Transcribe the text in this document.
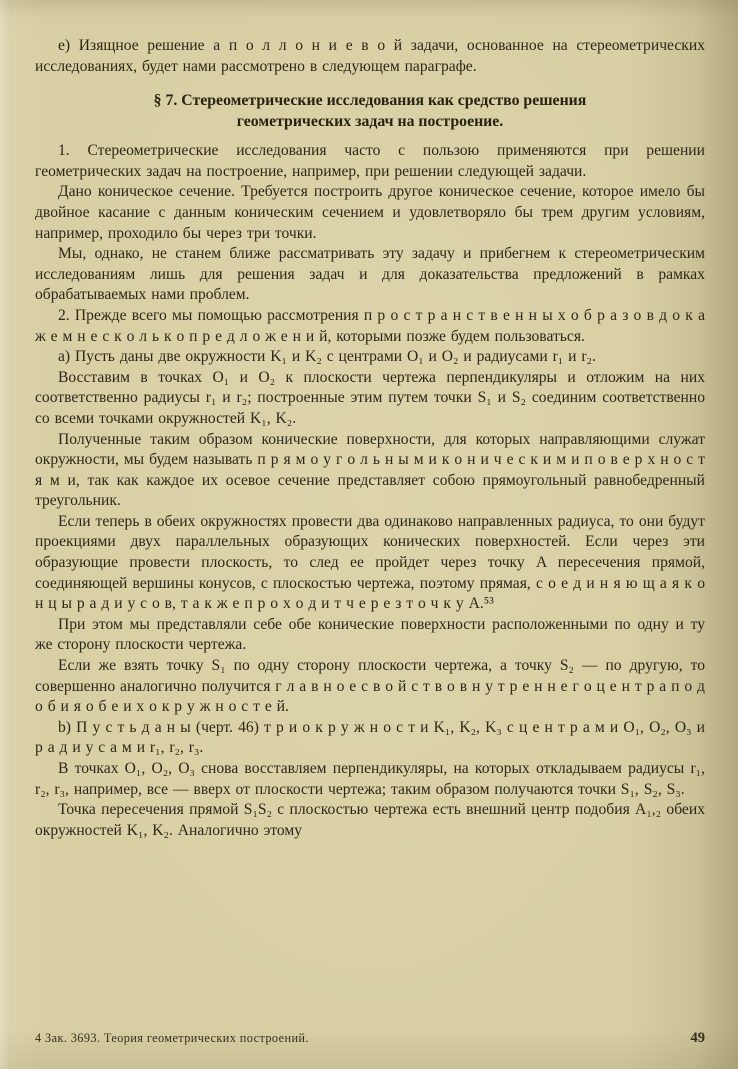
е) Изящное решение а п о л л о н и е в о й задачи, основанное на стереометрических исследованиях, будет нами рассмотрено в следующем параграфе.

§ 7. Стереометрические исследования как средство решения
геометрических задач на построение.

1. Стереометрические исследования часто с пользою применяются при решении геометрических задач на построение, например, при решении следующей задачи.

Дано коническое сечение. Требуется построить другое коническое сечение, которое имело бы двойное касание с данным коническим сечением и удовлетворяло бы трем другим условиям, например, проходило бы через три точки.

Мы, однако, не станем ближе рассматривать эту задачу и прибегнем к стереометрическим исследованиям лишь для решения задач и для доказательства предложений в рамках обрабатываемых нами проблем.

2. Прежде всего мы помощью рассмотрения п р о с т р а н с т в е н н ы х о б р а з о в д о к а ж е м н е с к о л ь к о п р е д л о ж е н и й, которыми позже будем пользоваться.

а) Пусть даны две окружности K₁ и K₂ с центрами O₁ и O₂ и радиусами r₁ и r₂.

Восставим в точках O₁ и O₂ к плоскости чертежа перпендикуляры и отложим на них соответственно радиусы r₁ и r₂; построенные этим путем точки S₁ и S₂ соединим соответственно со всеми точками окружностей K₁, K₂.

Полученные таким образом конические поверхности, для которых направляющими служат окружности, мы будем называть п р я м о у г о л ь н ы м и к о н и ч е с к и м и п о в е р х н о с т я м и, так как каждое их осевое сечение представляет собою прямоугольный равнобедренный треугольник.

Если теперь в обеих окружностях провести два одинаково направленных радиуса, то они будут проекциями двух параллельных образующих конических поверхностей. Если через эти образующие провести плоскость, то след ее пройдет через точку A пересечения прямой, соединяющей вершины конусов, с плоскостью чертежа, поэтому прямая, с о е д и н я ю щ а я к о н ц ы р а д и у с о в, т а к ж е п р о х о д и т ч е р е з т о ч к у A.⁵³

При этом мы представляли себе обе конические поверхности расположенными по одну и ту же сторону плоскости чертежа.

Если же взять точку S₁ по одну сторону плоскости чертежа, а точку S₂ — по другую, то совершенно аналогично получится г л а в н о е с в о й с т в о в н у т р е н н е г о ц е н т р а п о д о б и я о б е и х о к р у ж н о с т е й.

b) П у с т ь д а н ы (черт. 46) т р и о к р у ж н о с т и K₁, K₂, K₃ с ц е н т р а м и O₁, O₂, O₃ и р а д и у с а м и r₁, r₂, r₃.

В точках O₁, O₂, O₃ снова восставляем перпендикуляры, на которых откладываем радиусы r₁, r₂, r₃, например, все — вверх от плоскости чертежа; таким образом получаются точки S₁, S₂, S₃.

Точка пересечения прямой S₁S₂ с плоскостью чертежа есть внешний центр подобия A₁,₂ обеих окружностей K₁, K₂. Аналогично этому

4 Зак. 3693. Теория геометрических построений.	49
